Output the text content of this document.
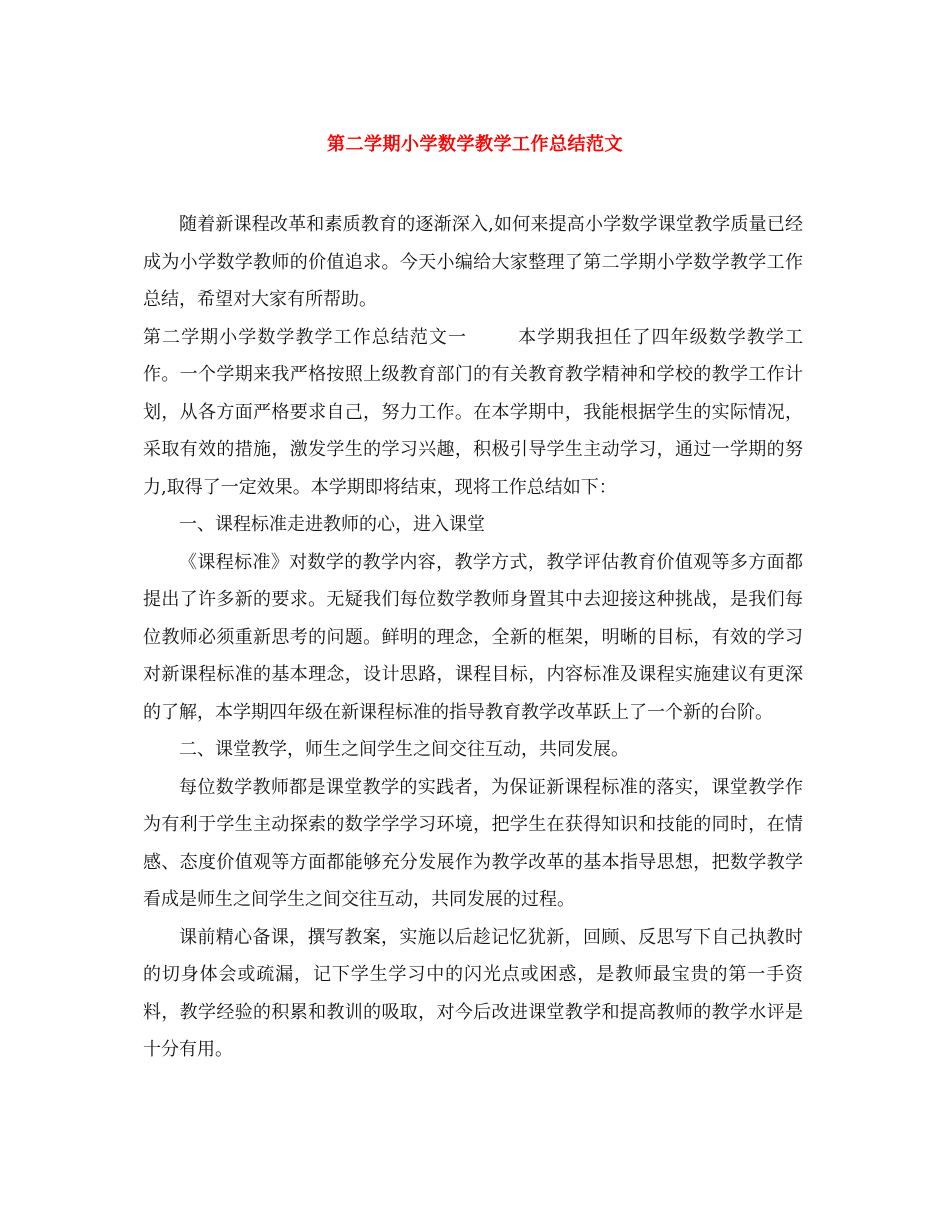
第二学期小学数学教学工作总结范文

随着新课程改革和素质教育的逐渐深入,如何来提高小学数学课堂教学质量已经成为小学数学教师的价值追求。今天小编给大家整理了第二学期小学数学教学工作总结，希望对大家有所帮助。

第二学期小学数学教学工作总结范文一	本学期我担任了四年级数学教学工作。一个学期来我严格按照上级教育部门的有关教育教学精神和学校的教学工作计划，从各方面严格要求自己，努力工作。在本学期中，我能根据学生的实际情况，采取有效的措施，激发学生的学习兴趣，积极引导学生主动学习，通过一学期的努力,取得了一定效果。本学期即将结束，现将工作总结如下：

一、课程标准走进教师的心，进入课堂

《课程标准》对数学的教学内容，教学方式，教学评估教育价值观等多方面都提出了许多新的要求。无疑我们每位数学教师身置其中去迎接这种挑战，是我们每位教师必须重新思考的问题。鲜明的理念，全新的框架，明晰的目标，有效的学习对新课程标准的基本理念，设计思路，课程目标，内容标准及课程实施建议有更深的了解，本学期四年级在新课程标准的指导教育教学改革跃上了一个新的台阶。

二、课堂教学，师生之间学生之间交往互动，共同发展。

每位数学教师都是课堂教学的实践者，为保证新课程标准的落实，课堂教学作为有利于学生主动探索的数学学学习环境，把学生在获得知识和技能的同时，在情感、态度价值观等方面都能够充分发展作为教学改革的基本指导思想，把数学教学看成是师生之间学生之间交往互动，共同发展的过程。

课前精心备课，撰写教案，实施以后趁记忆犹新，回顾、反思写下自己执教时的切身体会或疏漏，记下学生学习中的闪光点或困惑，是教师最宝贵的第一手资料，教学经验的积累和教训的吸取，对今后改进课堂教学和提高教师的教学水评是十分有用。
